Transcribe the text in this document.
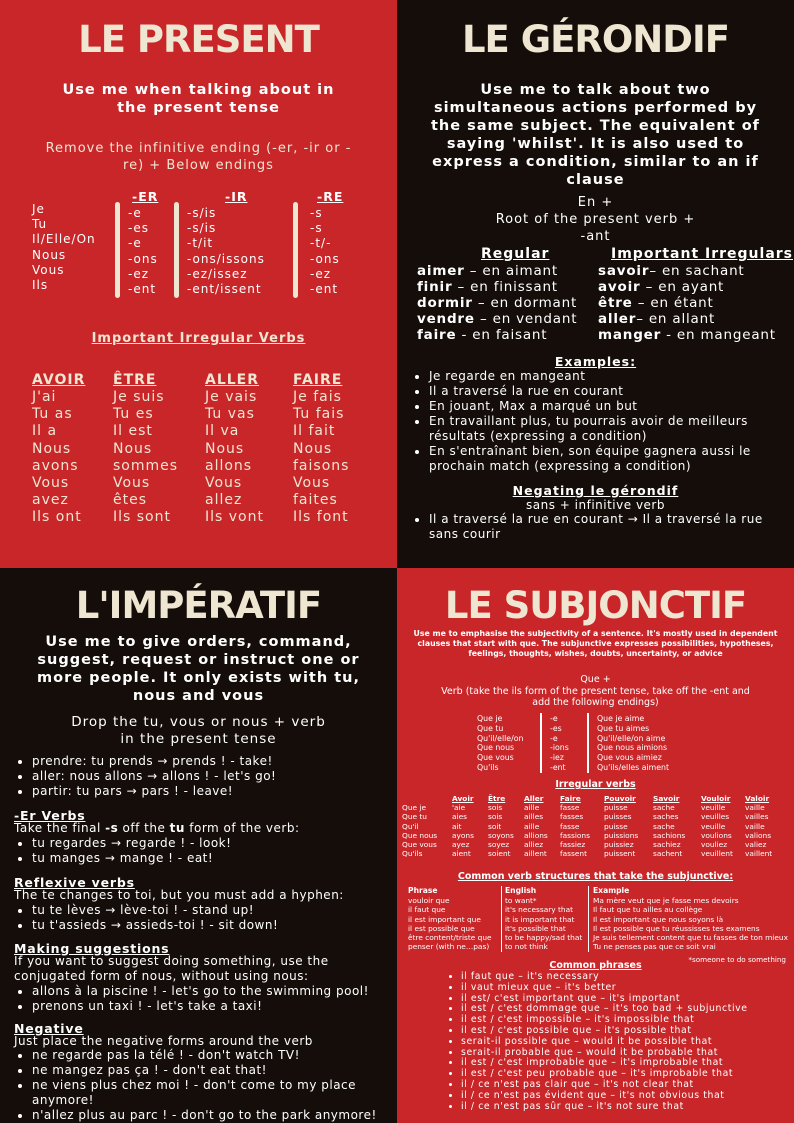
LE PRESENT
Use me when talking about in the present tense
Remove the infinitive ending (-er, -ir or -re) + Below endings
Je
Tu
Il/Elle/On
Nous
Vous
Ils
-ER
-e
-es
-e
-ons
-ez
-ent
-IR
-s/is
-s/is
-t/it
-ons/issons
-ez/issez
-ent/issent
-RE
-s
-s
-t/-
-ons
-ez
-ent
Important Irregular Verbs
AVOIR
J'ai
Tu as
Il a
Nous
avons
Vous
avez
Ils ont
ÊTRE
Je suis
Tu es
Il est
Nous
sommes
Vous
êtes
Ils sont
ALLER
Je vais
Tu vas
Il va
Nous
allons
Vous
allez
Ils vont
FAIRE
Je fais
Tu fais
Il fait
Nous
faisons
Vous
faites
Ils font
LE GÉRONDIF
Use me to talk about two simultaneous actions performed by the same subject. The equivalent of saying 'whilst'. It is also used to express a condition, similar to an if clause
En +
Root of the present verb +
-ant
Regular
aimer – en aimant
finir – en finissant
dormir – en dormant
vendre – en vendant
faire - en faisant
Important Irregulars
savoir– en sachant
avoir – en ayant
être – en étant
aller– en allant
manger - en mangeant
Examples:
• Je regarde en mangeant
• Il a traversé la rue en courant
• En jouant, Max a marqué un but
• En travaillant plus, tu pourrais avoir de meilleurs résultats (expressing a condition)
• En s'entraînant bien, son équipe gagnera aussi le prochain match (expressing a condition)
Negating le gérondif
sans + infinitive verb
• Il a traversé la rue en courant → Il a traversé la rue sans courir
L'IMPÉRATIF
Use me to give orders, command, suggest, request or instruct one or more people. It only exists with tu, nous and vous
Drop the tu, vous or nous + verb in the present tense
• prendre: tu prends → prends ! - take!
• aller: nous allons → allons ! - let's go!
• partir: tu pars → pars ! - leave!
-Er Verbs
Take the final -s off the tu form of the verb:
• tu regardes → regarde ! - look!
• tu manges → mange ! - eat!
Reflexive verbs
The te changes to toi, but you must add a hyphen:
• tu te lèves → lève-toi ! - stand up!
• tu t'assieds → assieds-toi ! - sit down!
Making suggestions
If you want to suggest doing something, use the conjugated form of nous, without using nous:
• allons à la piscine ! - let's go to the swimming pool!
• prenons un taxi ! - let's take a taxi!
Negative
Just place the negative forms around the verb
• ne regarde pas la télé ! - don't watch TV!
• ne mangez pas ça ! - don't eat that!
• ne viens plus chez moi ! - don't come to my place anymore!
• n'allez plus au parc ! - don't go to the park anymore!
LE SUBJONCTIF
Use me to emphasise the subjectivity of a sentence. It's mostly used in dependent clauses that start with que. The subjunctive expresses possibilities, hypotheses, feelings, thoughts, wishes, doubts, uncertainty, or advice
Que +
Verb (take the ils form of the present tense, take off the -ent and add the following endings)
Que je
Que tu
Qu'il/elle/on
Que nous
Que vous
Qu'ils
-e
-es
-e
-ions
-iez
-ent
Que je aime
Que tu aimes
Qu'il/elle/on aime
Que nous aimions
Que vous aimiez
Qu'ils/elles aiment
Irregular verbs
Que je
Que tu
Qu'il
Que nous
Que vous
Qu'ils
Avoir
'aie
aies
ait
ayons
ayez
aient
Être
sois
sois
soit
soyons
soyez
soient
Aller
aille
ailles
aille
allions
alliez
aillent
Faire
fasse
fasses
fasse
fassions
fassiez
fassent
Pouvoir
puisse
puisses
puisse
puissions
puissiez
puissent
Savoir
sache
saches
sache
sachions
sachiez
sachent
Vouloir
veuille
veuilles
veuille
voulions
vouliez
veuillent
Valoir
vaille
vailles
vaille
valions
valiez
vaillent
Common verb structures that take the subjunctive:
Phrase
vouloir que
il faut que
il est important que
il est possible que
être content/triste que
penser (with ne…pas)
English
to want*
it's necessary that
it is important that
it's possible that
to be happy/sad that
to not think
Example
Ma mère veut que je fasse mes devoirs
Il faut que tu ailles au collège
Il est important que nous soyons là
Il est possible que tu réussisses tes examens
Je suis tellement content que tu fasses de ton mieux
Tu ne penses pas que ce soit vrai
*someone to do something
Common phrases
• il faut que – it's necessary
• il vaut mieux que – it's better
• il est/ c'est important que – it's important
• il est / c'est dommage que – it's too bad + subjunctive
• il est / c'est impossible – it's impossible that
• il est / c'est possible que – it's possible that
• serait-il possible que – would it be possible that
• serait-il probable que – would it be probable that
• il est / c'est improbable que – it's improbable that
• il est / c'est peu probable que – it's improbable that
• il / ce n'est pas clair que – it's not clear that
• il / ce n'est pas évident que – it's not obvious that
• il / ce n'est pas sûr que – it's not sure that
